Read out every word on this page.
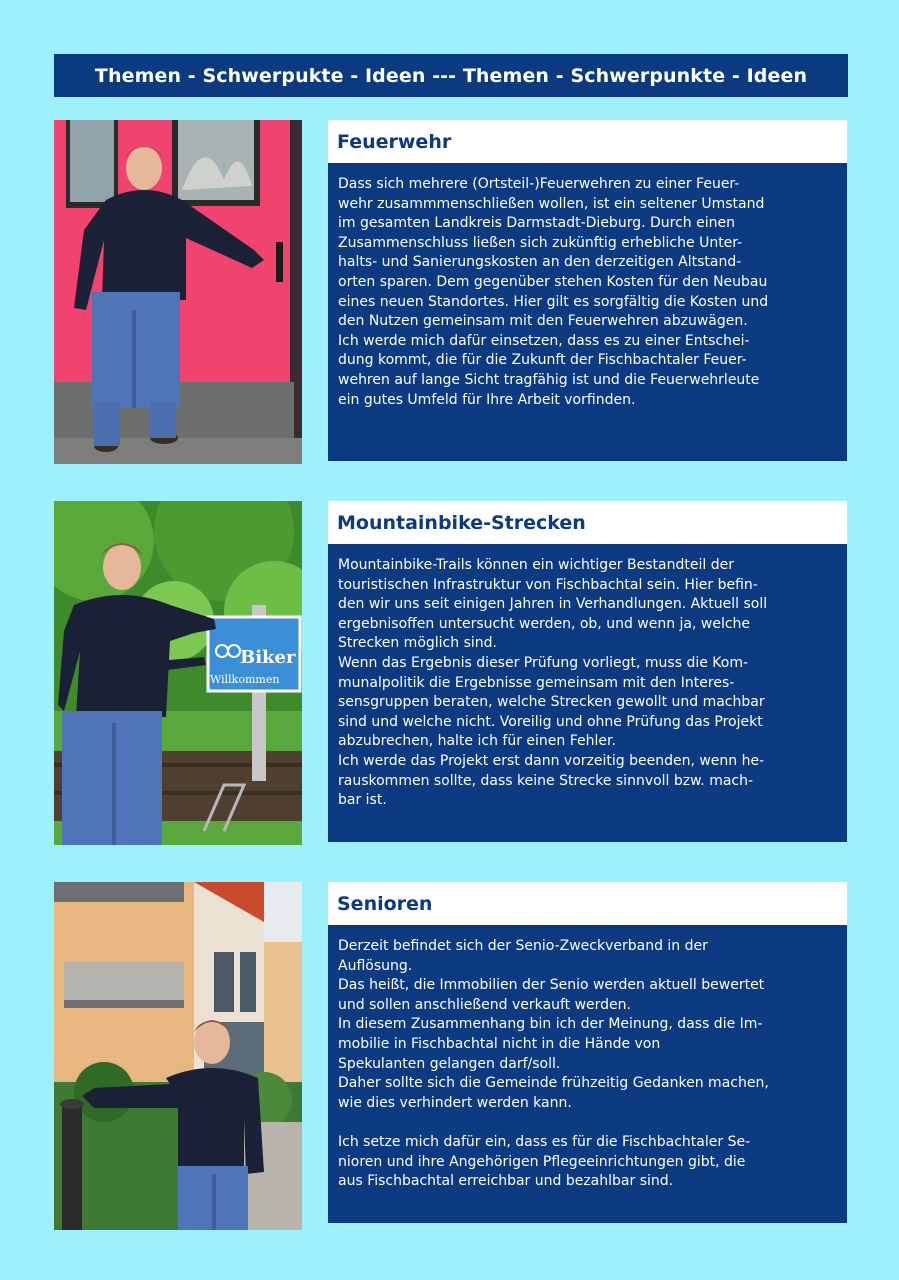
Themen - Schwerpukte - Ideen --- Themen - Schwerpunkte - Ideen
Feuerwehr
Dass sich mehrere (Ortsteil-)Feuerwehren zu einer Feuer-
wehr zusammmenschließen wollen, ist ein seltener Umstand
im gesamten Landkreis Darmstadt-Dieburg. Durch einen
Zusammenschluss ließen sich zukünftig erhebliche Unter-
halts- und Sanierungskosten an den derzeitigen Altstand-
orten sparen. Dem gegenüber stehen Kosten für den Neubau
eines neuen Standortes. Hier gilt es sorgfältig die Kosten und
den Nutzen gemeinsam mit den Feuerwehren abzuwägen.
Ich werde mich dafür einsetzen, dass es zu einer Entschei-
dung kommt, die für die Zukunft der Fischbachtaler Feuer-
wehren auf lange Sicht tragfähig ist und die Feuerwehrleute
ein gutes Umfeld für Ihre Arbeit vorfinden.
Biker
Willkommen
Mountainbike-Strecken
Mountainbike-Trails können ein wichtiger Bestandteil der
touristischen Infrastruktur von Fischbachtal sein. Hier befin-
den wir uns seit einigen Jahren in Verhandlungen. Aktuell soll
ergebnisoffen untersucht werden, ob, und wenn ja, welche
Strecken möglich sind.
Wenn das Ergebnis dieser Prüfung vorliegt, muss die Kom-
munalpolitik die Ergebnisse gemeinsam mit den Interes-
sensgruppen beraten, welche Strecken gewollt und machbar
sind und welche nicht. Voreilig und ohne Prüfung das Projekt
abzubrechen, halte ich für einen Fehler.
Ich werde das Projekt erst dann vorzeitig beenden, wenn he-
rauskommen sollte, dass keine Strecke sinnvoll bzw. mach-
bar ist.
Senioren
Derzeit befindet sich der Senio-Zweckverband in der
Auflösung.
Das heißt, die Immobilien der Senio werden aktuell bewertet
und sollen anschließend verkauft werden.
In diesem Zusammenhang bin ich der Meinung, dass die Im-
mobilie in Fischbachtal nicht in die Hände von
Spekulanten gelangen darf/soll.
Daher sollte sich die Gemeinde frühzeitig Gedanken machen,
wie dies verhindert werden kann.
Ich setze mich dafür ein, dass es für die Fischbachtaler Se-
nioren und ihre Angehörigen Pflegeeinrichtungen gibt, die
aus Fischbachtal erreichbar und bezahlbar sind.
